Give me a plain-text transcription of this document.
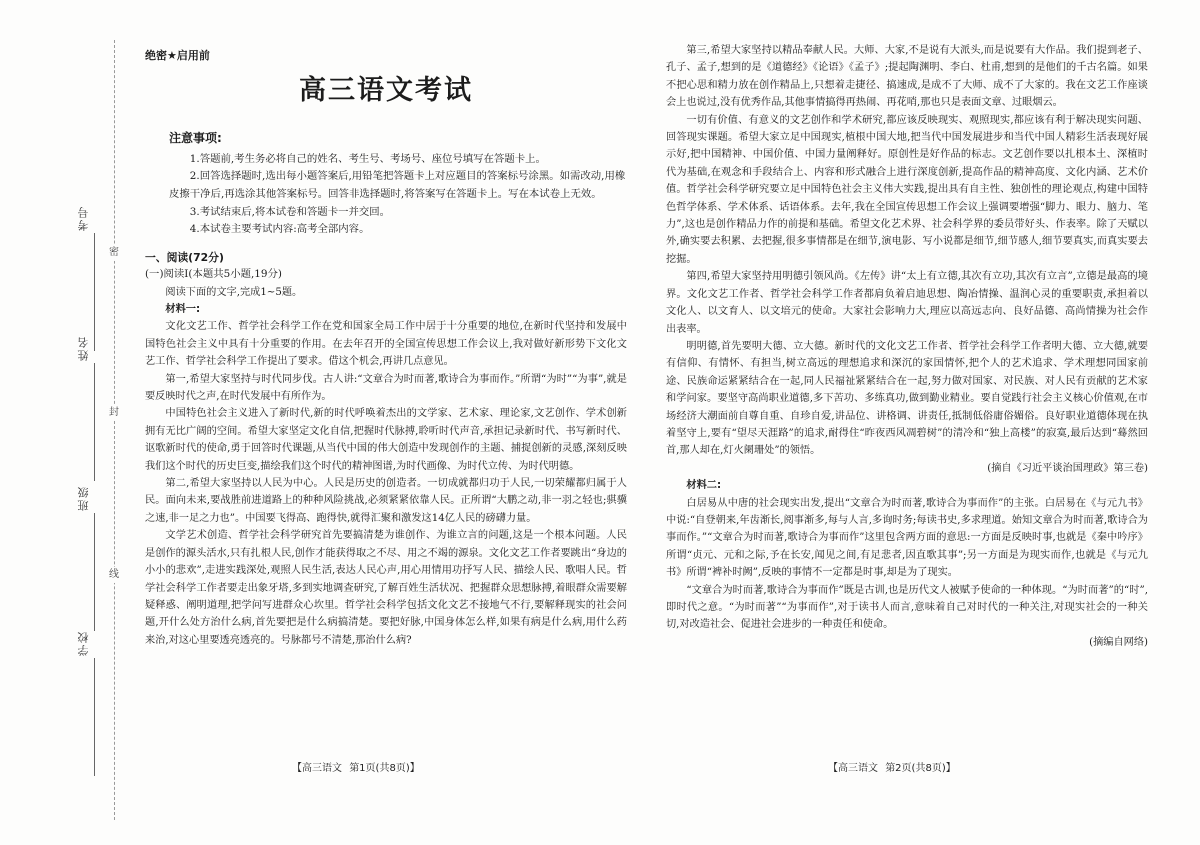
密
封
线
考号
姓名
班级
学校
绝密★启用前
高三语文考试
注意事项:

1.答题前,考生务必将自己的姓名、考生号、考场号、座位号填写在答题卡上。

2.回答选择题时,选出每小题答案后,用铅笔把答题卡上对应题目的答案标号涂黑。如需改动,用橡皮擦干净后,再选涂其他答案标号。回答非选择题时,将答案写在答题卡上。写在本试卷上无效。

3.考试结束后,将本试卷和答题卡一并交回。

4.本试卷主要考试内容:高考全部内容。

一、阅读(72分)
(一)阅读Ⅰ(本题共5小题,19分)

阅读下面的文字,完成1~5题。

材料一:

文化文艺工作、哲学社会科学工作在党和国家全局工作中居于十分重要的地位,在新时代坚持和发展中国特色社会主义中具有十分重要的作用。在去年召开的全国宣传思想工作会议上,我对做好新形势下文化文艺工作、哲学社会科学工作提出了要求。借这个机会,再讲几点意见。

第一,希望大家坚持与时代同步伐。古人讲:“文章合为时而著,歌诗合为事而作。”所谓“为时”“为事”,就是要反映时代之声,在时代发展中有所作为。

中国特色社会主义进入了新时代,新的时代呼唤着杰出的文学家、艺术家、理论家,文艺创作、学术创新拥有无比广阔的空间。希望大家坚定文化自信,把握时代脉搏,聆听时代声音,承担记录新时代、书写新时代、讴歌新时代的使命,勇于回答时代课题,从当代中国的伟大创造中发现创作的主题、捕捉创新的灵感,深刻反映我们这个时代的历史巨变,描绘我们这个时代的精神图谱,为时代画像、为时代立传、为时代明德。

第二,希望大家坚持以人民为中心。人民是历史的创造者。一切成就都归功于人民,一切荣耀都归属于人民。面向未来,要战胜前进道路上的种种风险挑战,必须紧紧依靠人民。正所谓“大鹏之动,非一羽之轻也;骐骥之速,非一足之力也”。中国要飞得高、跑得快,就得汇聚和激发这14亿人民的磅礴力量。

文学艺术创造、哲学社会科学研究首先要搞清楚为谁创作、为谁立言的问题,这是一个根本问题。人民是创作的源头活水,只有扎根人民,创作才能获得取之不尽、用之不竭的源泉。文化文艺工作者要跳出“身边的小小的悲欢”,走进实践深处,观照人民生活,表达人民心声,用心用情用功抒写人民、描绘人民、歌唱人民。哲学社会科学工作者要走出象牙塔,多到实地调查研究,了解百姓生活状况、把握群众思想脉搏,着眼群众需要解疑释惑、阐明道理,把学问写进群众心坎里。哲学社会科学包括文化文艺不接地气不行,要解释现实的社会问题,开什么处方治什么病,首先要把是什么病搞清楚。要把好脉,中国身体怎么样,如果有病是什么病,用什么药来治,对这心里要透亮透亮的。号脉都号不清楚,那治什么病?

【高三语文 第1页(共8页)】

第三,希望大家坚持以精品奉献人民。大师、大家,不是说有大派头,而是说要有大作品。我们提到老子、孔子、孟子,想到的是《道德经》《论语》《孟子》;提起陶渊明、李白、杜甫,想到的是他们的千古名篇。如果不把心思和精力放在创作精品上,只想着走捷径、搞速成,是成不了大师、成不了大家的。我在文艺工作座谈会上也说过,没有优秀作品,其他事情搞得再热闹、再花哨,那也只是表面文章、过眼烟云。

一切有价值、有意义的文艺创作和学术研究,都应该反映现实、观照现实,都应该有利于解决现实问题、回答现实课题。希望大家立足中国现实,植根中国大地,把当代中国发展进步和当代中国人精彩生活表现好展示好,把中国精神、中国价值、中国力量阐释好。原创性是好作品的标志。文艺创作要以扎根本土、深植时代为基础,在观念和手段结合上、内容和形式融合上进行深度创新,提高作品的精神高度、文化内涵、艺术价值。哲学社会科学研究要立足中国特色社会主义伟大实践,提出具有自主性、独创性的理论观点,构建中国特色哲学体系、学术体系、话语体系。去年,我在全国宣传思想工作会议上强调要增强“脚力、眼力、脑力、笔力”,这也是创作精品力作的前提和基础。希望文化艺术界、社会科学界的委员带好头、作表率。除了天赋以外,确实要去积累、去把握,很多事情都是在细节,演电影、写小说都是细节,细节感人,细节要真实,而真实要去挖掘。

第四,希望大家坚持用明德引领风尚。《左传》讲“太上有立德,其次有立功,其次有立言”,立德是最高的境界。文化文艺工作者、哲学社会科学工作者都肩负着启迪思想、陶冶情操、温润心灵的重要职责,承担着以文化人、以文育人、以文培元的使命。大家社会影响力大,理应以高远志向、良好品德、高尚情操为社会作出表率。

明明德,首先要明大德、立大德。新时代的文化文艺工作者、哲学社会科学工作者明大德、立大德,就要有信仰、有情怀、有担当,树立高远的理想追求和深沉的家国情怀,把个人的艺术追求、学术理想同国家前途、民族命运紧紧结合在一起,同人民福祉紧紧结合在一起,努力做对国家、对民族、对人民有贡献的艺术家和学问家。要坚守高尚职业道德,多下苦功、多练真功,做到勤业精业。要自觉践行社会主义核心价值观,在市场经济大潮面前自尊自重、自珍自爱,讲品位、讲格调、讲责任,抵制低俗庸俗媚俗。良好职业道德体现在执着坚守上,要有“望尽天涯路”的追求,耐得住“昨夜西风凋碧树”的清冷和“独上高楼”的寂寞,最后达到“蓦然回首,那人却在,灯火阑珊处”的领悟。

(摘自《习近平谈治国理政》第三卷)

材料二:

白居易从中唐的社会现实出发,提出“文章合为时而著,歌诗合为事而作”的主张。白居易在《与元九书》中说:“自登朝来,年齿渐长,阅事渐多,每与人言,多询时务;每读书史,多求理道。始知文章合为时而著,歌诗合为事而作。”“文章合为时而著,歌诗合为事而作”这里包含两方面的意思:一方面是反映时事,也就是《秦中吟序》所谓“贞元、元和之际,予在长安,闻见之间,有足悲者,因直歌其事”;另一方面是为现实而作,也就是《与元九书》所谓“裨补时阙”,反映的事情不一定都是时事,却是为了现实。

“文章合为时而著,歌诗合为事而作”既是古训,也是历代文人被赋予使命的一种体现。“为时而著”的“时”,即时代之意。“为时而著”“为事而作”,对于读书人而言,意味着自己对时代的一种关注,对现实社会的一种关切,对改造社会、促进社会进步的一种责任和使命。

(摘编自网络)

【高三语文 第2页(共8页)】
